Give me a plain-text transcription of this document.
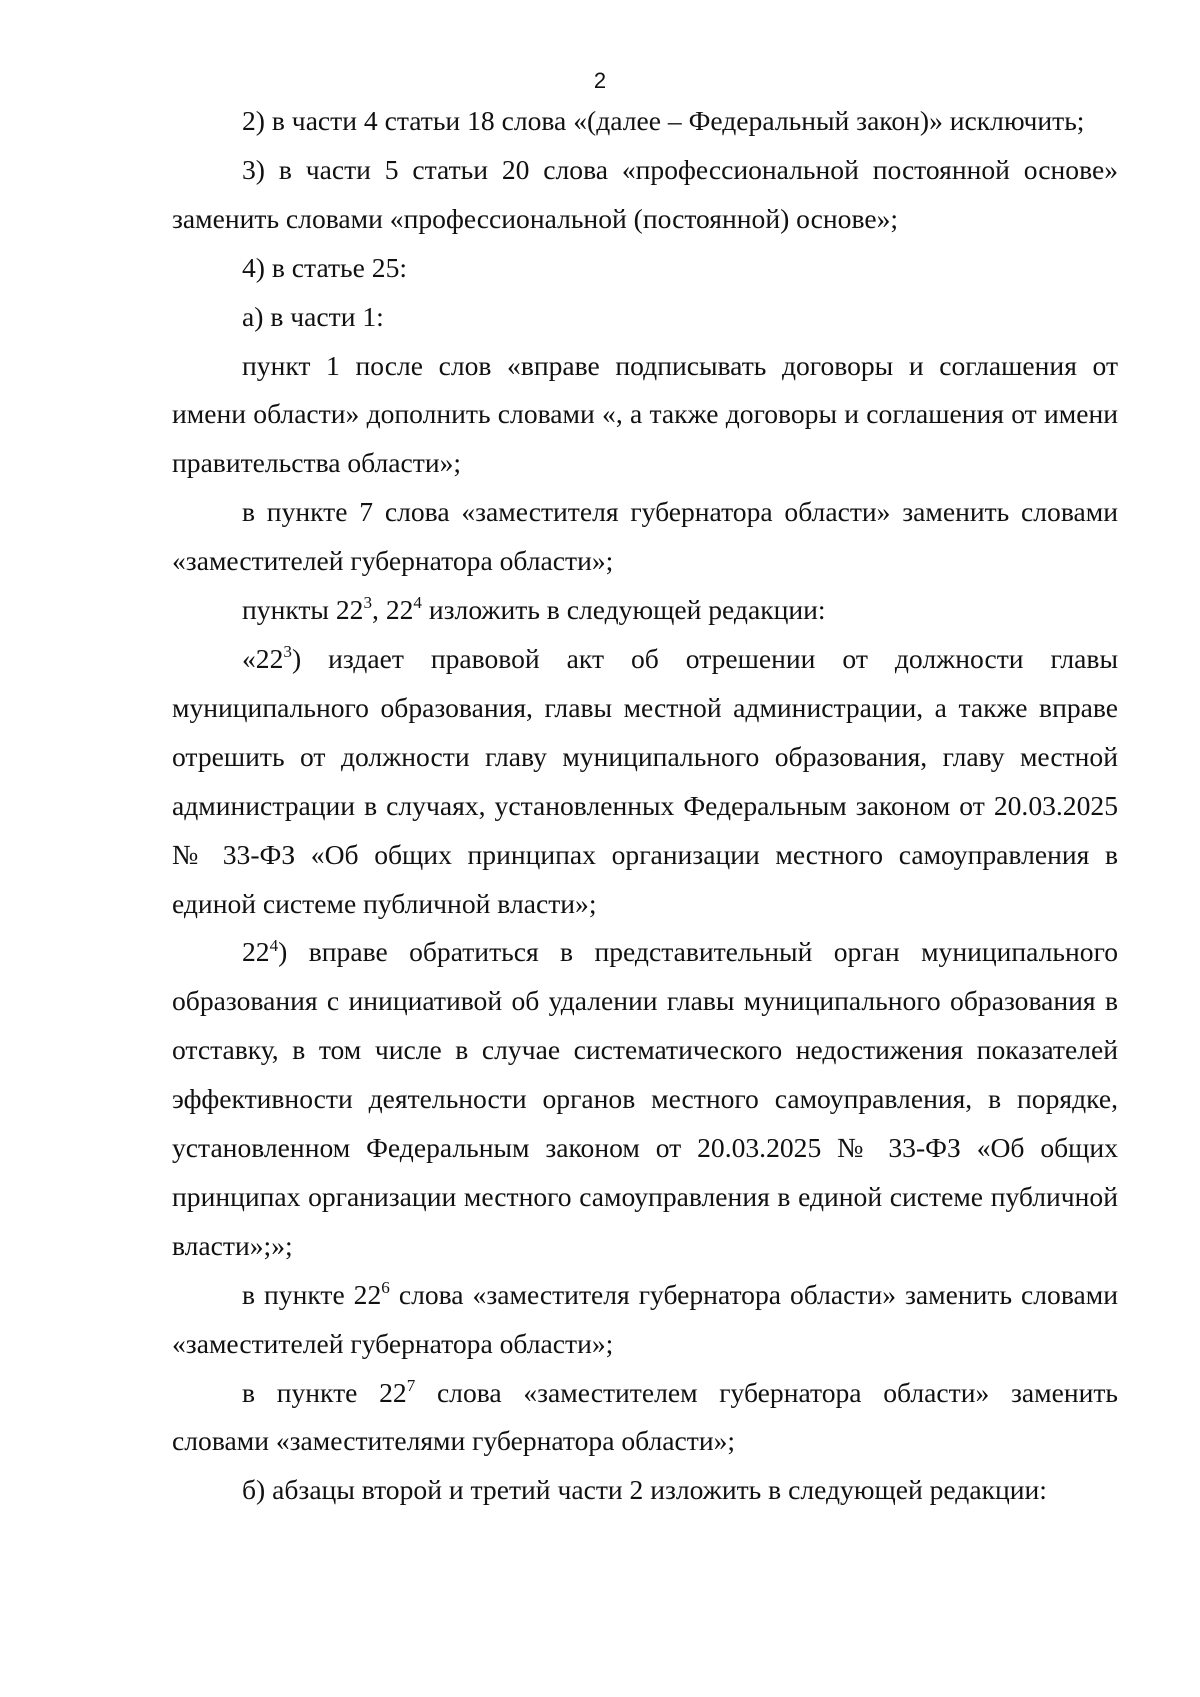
2

2) в части 4 статьи 18 слова «(далее – Федеральный закон)» исключить;

3) в части 5 статьи 20 слова «профессиональной постоянной основе» заменить словами «профессиональной (постоянной) основе»;

4) в статье 25:

а) в части 1:

пункт 1 после слов «вправе подписывать договоры и соглашения от имени области» дополнить словами «, а также договоры и соглашения от имени правительства области»;

в пункте 7 слова «заместителя губернатора области» заменить словами «заместителей губернатора области»;

пункты $22^3$, $22^4$ изложить в следующей редакции:

«$22^3$) издает правовой акт об отрешении от должности главы муниципального образования, главы местной администрации, а также вправе отрешить от должности главу муниципального образования, главу местной администрации в случаях, установленных Федеральным законом от 20.03.2025 № 33-ФЗ «Об общих принципах организации местного самоуправления в единой системе публичной власти»;

$22^4$) вправе обратиться в представительный орган муниципального образования с инициативой об удалении главы муниципального образования в отставку, в том числе в случае систематического недостижения показателей эффективности деятельности органов местного самоуправления, в порядке, установленном Федеральным законом от 20.03.2025 № 33-ФЗ «Об общих принципах организации местного самоуправления в единой системе публичной власти»;»;

в пункте $22^6$ слова «заместителя губернатора области» заменить словами «заместителей губернатора области»;

в пункте $22^7$ слова «заместителем губернатора области» заменить словами «заместителями губернатора области»;

б) абзацы второй и третий части 2 изложить в следующей редакции:
